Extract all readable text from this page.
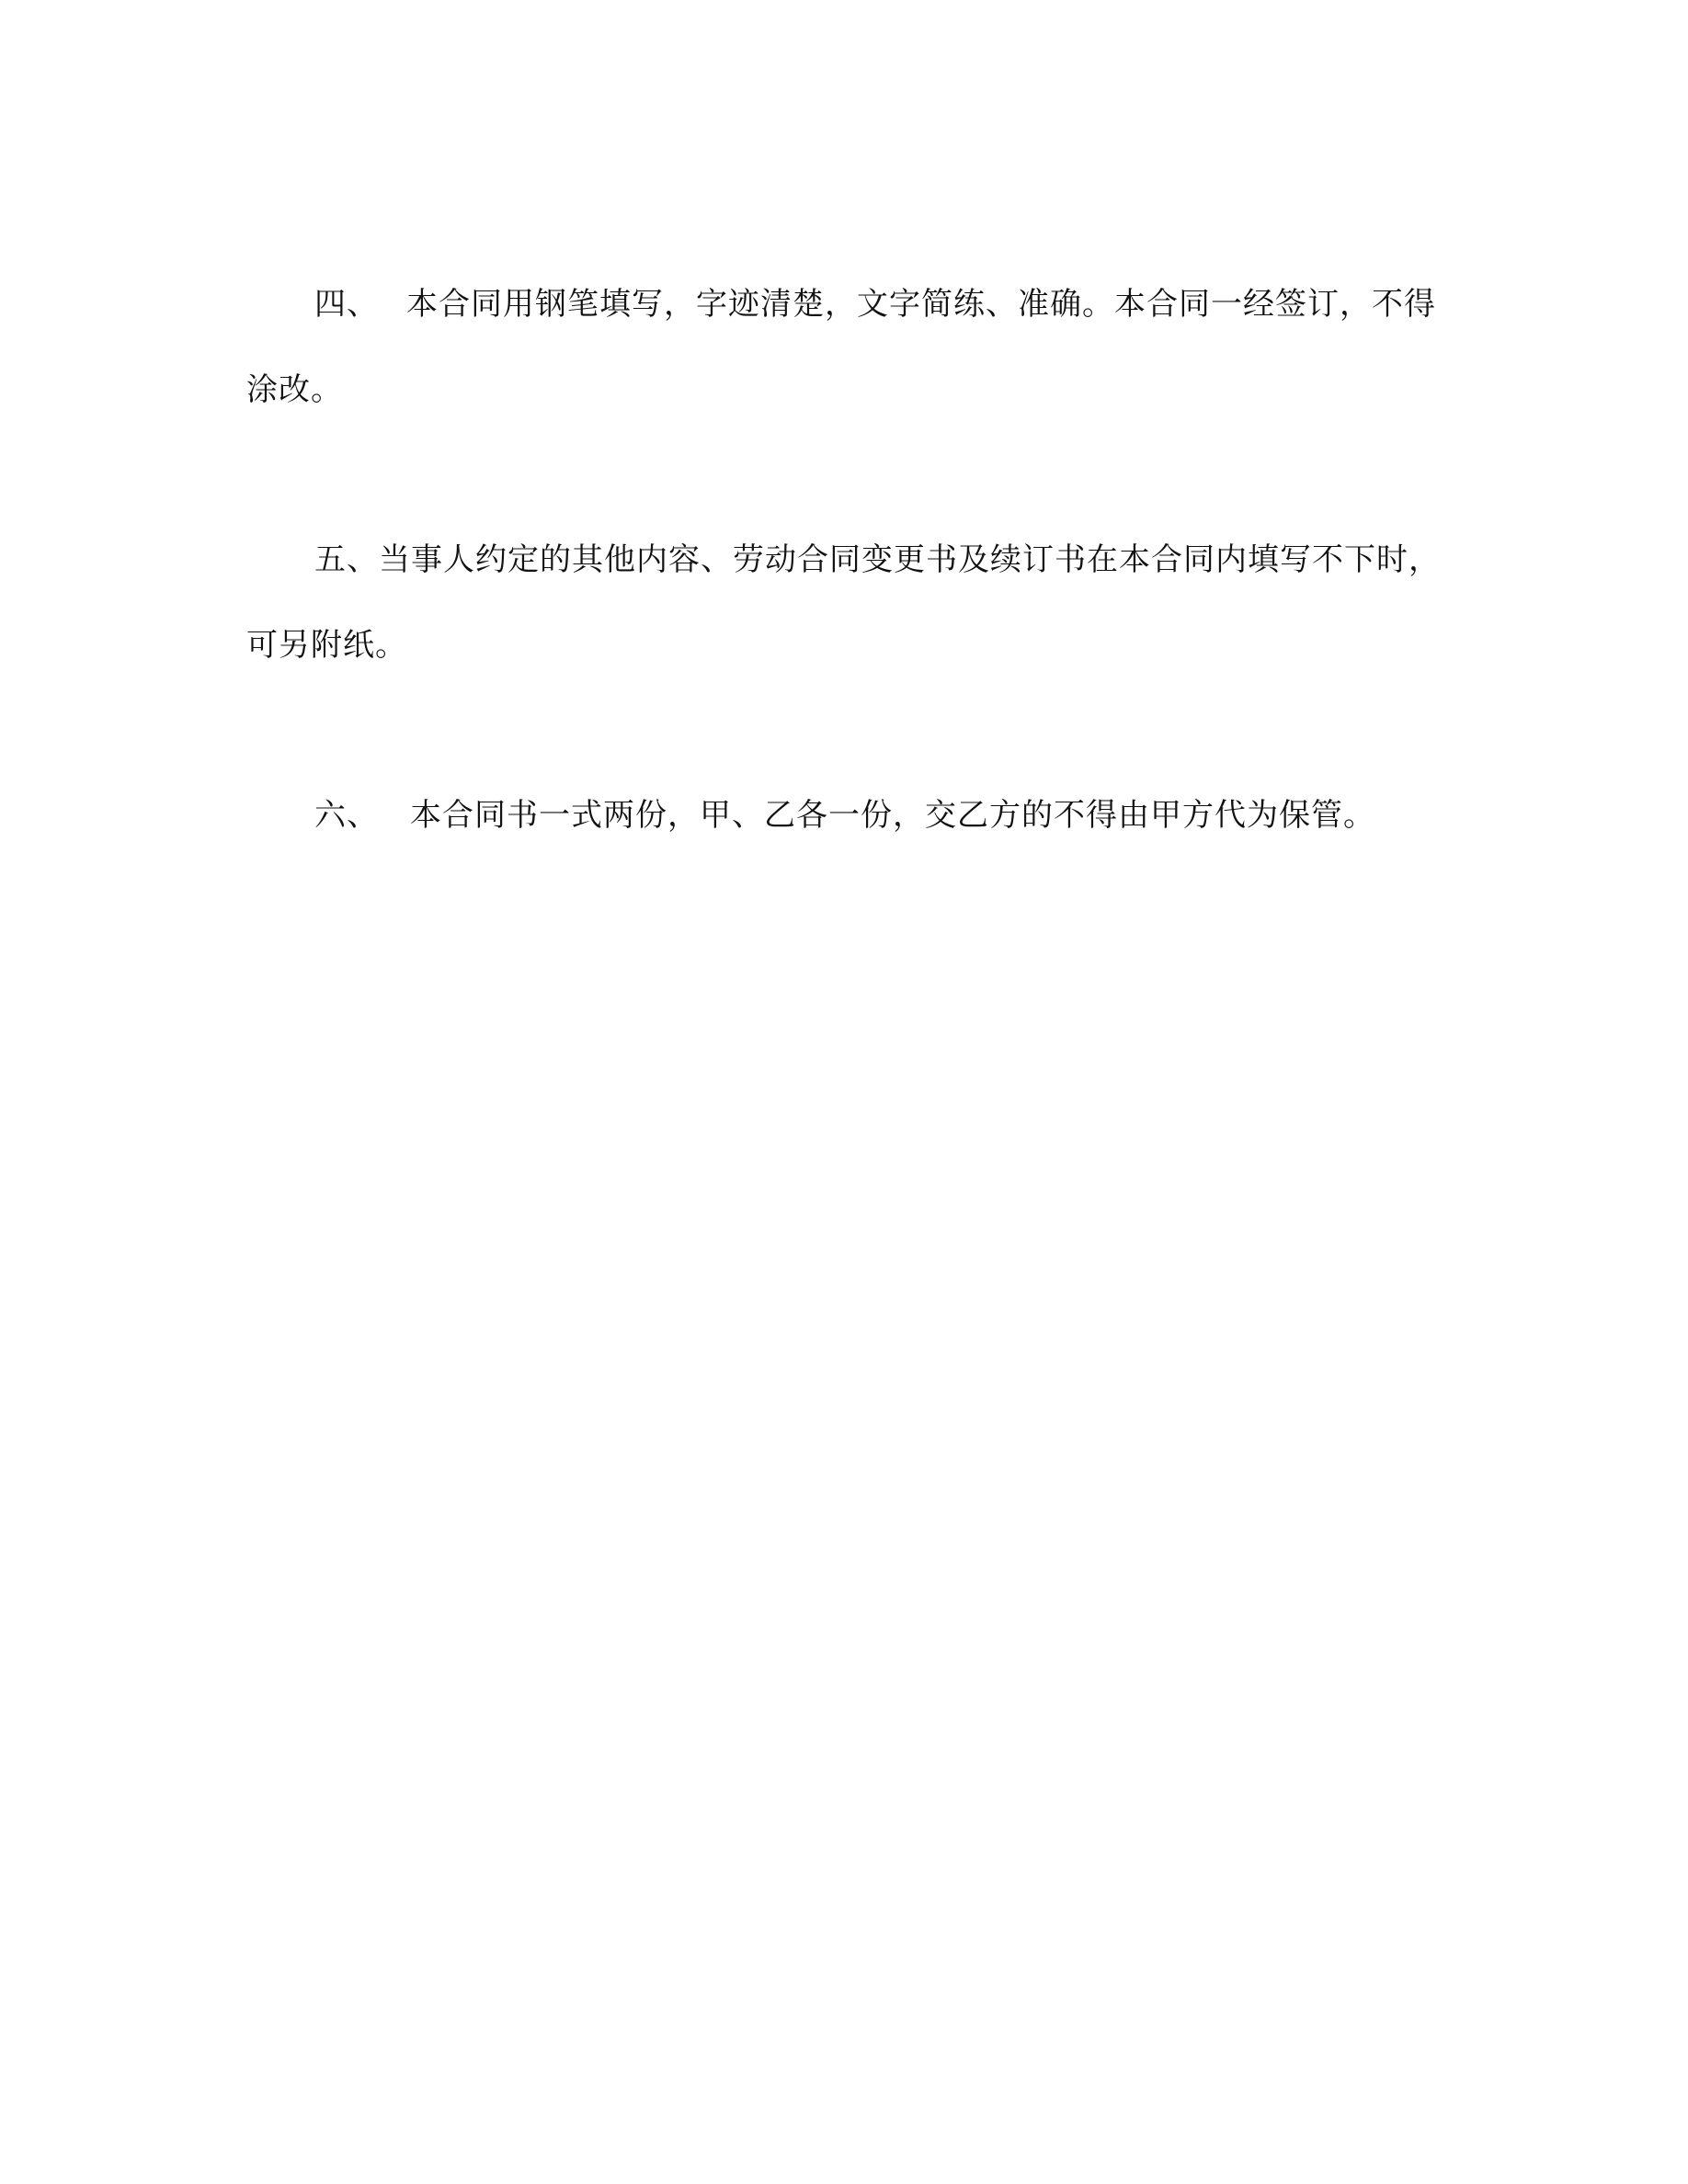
四、 本合同用钢笔填写，字迹清楚，文字简练、准确。本合同一经签订，不得
涂改。
五、当事人约定的其他内容、劳动合同变更书及续订书在本合同内填写不下时，
可另附纸。
六、 本合同书一式两份，甲、乙各一份，交乙方的不得由甲方代为保管。
